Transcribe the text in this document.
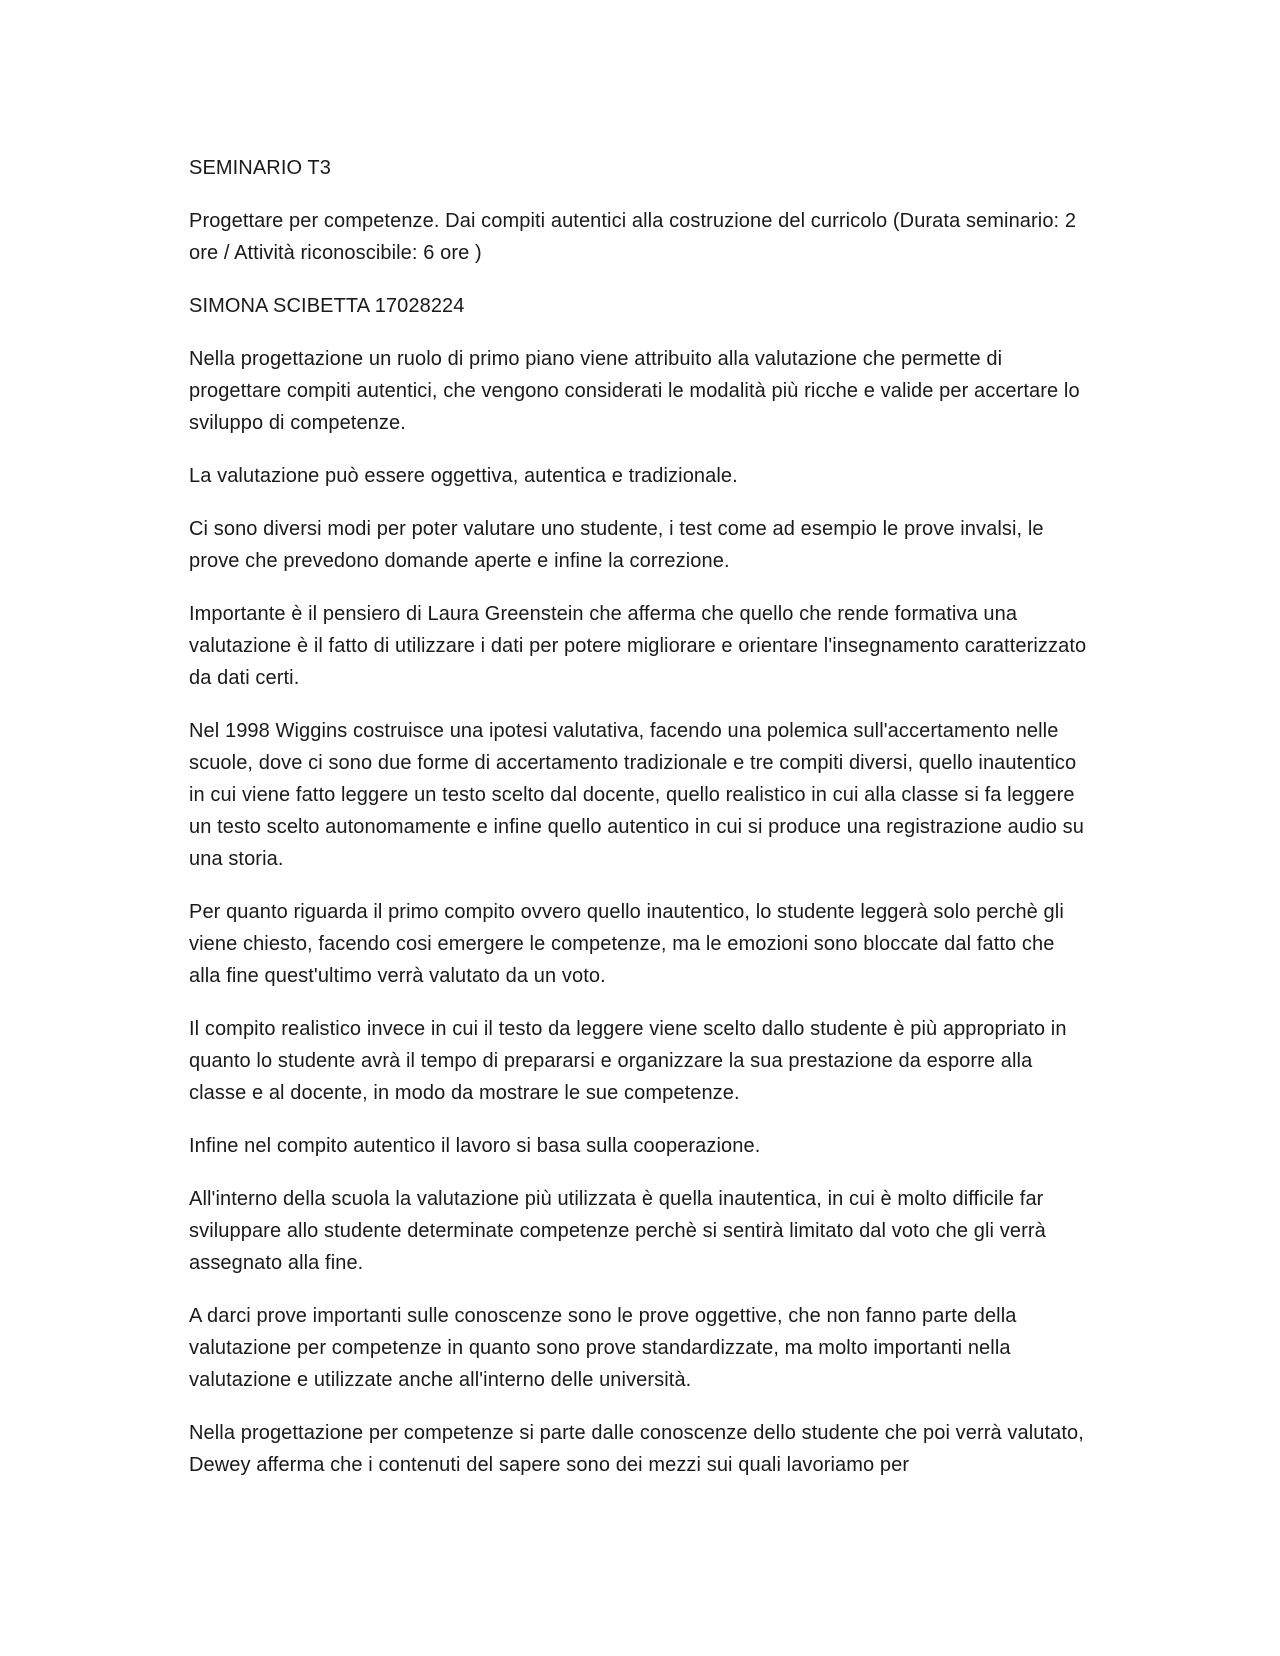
SEMINARIO T3

Progettare per competenze. Dai compiti autentici alla costruzione del curricolo (Durata seminario: 2 ore / Attività riconoscibile: 6 ore )

SIMONA SCIBETTA 17028224

Nella progettazione un ruolo di primo piano viene attribuito alla valutazione che permette di progettare compiti autentici, che vengono considerati le modalità più ricche e valide per accertare lo sviluppo di competenze.

La valutazione può essere oggettiva, autentica e tradizionale.

Ci sono diversi modi per poter valutare uno studente, i test come ad esempio le prove invalsi, le prove che prevedono domande aperte e infine la correzione.

Importante è il pensiero di Laura Greenstein che afferma che quello che rende formativa una valutazione è il fatto di utilizzare i dati per potere migliorare e orientare l'insegnamento caratterizzato da dati certi.

Nel 1998 Wiggins costruisce una ipotesi valutativa, facendo una polemica sull'accertamento nelle scuole, dove ci sono due forme di accertamento tradizionale e tre compiti diversi, quello inautentico in cui viene fatto leggere un testo scelto dal docente, quello realistico in cui alla classe si fa leggere un testo scelto autonomamente e infine quello autentico in cui si produce una registrazione audio su una storia.

Per quanto riguarda il primo compito ovvero quello inautentico, lo studente leggerà solo perchè gli viene chiesto, facendo cosi emergere le competenze, ma le emozioni sono bloccate dal fatto che alla fine quest'ultimo verrà valutato da un voto.

Il compito realistico invece in cui il testo da leggere viene scelto dallo studente è più appropriato in quanto lo studente avrà il tempo di prepararsi e organizzare la sua prestazione da esporre alla classe e al docente, in modo da mostrare le sue competenze.

Infine nel compito autentico il lavoro si basa sulla cooperazione.

All'interno della scuola la valutazione più utilizzata è quella inautentica, in cui è molto difficile far sviluppare allo studente determinate competenze perchè si sentirà limitato dal voto che gli verrà assegnato alla fine.

A darci prove importanti sulle conoscenze sono le prove oggettive, che non fanno parte della valutazione per competenze in quanto sono prove standardizzate, ma molto importanti nella valutazione e utilizzate anche all'interno delle università.

Nella progettazione per competenze si parte dalle conoscenze dello studente che poi verrà valutato, Dewey afferma che i contenuti del sapere sono dei mezzi sui quali lavoriamo per
